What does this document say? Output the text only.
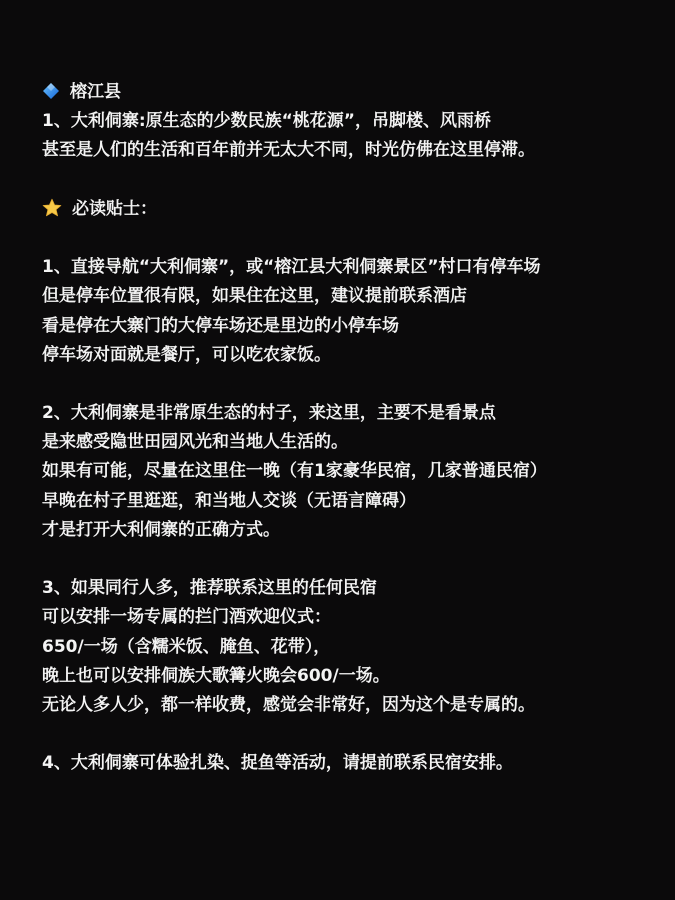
榕江县
1、大利侗寨:原生态的少数民族“桃花源”，吊脚楼、风雨桥
甚至是人们的生活和百年前并无太大不同，时光仿佛在这里停滞。
必读贴士：
1、直接导航“大利侗寨”，或“榕江县大利侗寨景区”村口有停车场
但是停车位置很有限，如果住在这里，建议提前联系酒店
看是停在大寨门的大停车场还是里边的小停车场
停车场对面就是餐厅，可以吃农家饭。
2、大利侗寨是非常原生态的村子，来这里，主要不是看景点
是来感受隐世田园风光和当地人生活的。
如果有可能，尽量在这里住一晚（有1家豪华民宿，几家普通民宿）
早晚在村子里逛逛，和当地人交谈（无语言障碍）
才是打开大利侗寨的正确方式。
3、如果同行人多，推荐联系这里的任何民宿
可以安排一场专属的拦门酒欢迎仪式：
650/一场（含糯米饭、腌鱼、花带），
晚上也可以安排侗族大歌篝火晚会600/一场。
无论人多人少，都一样收费，感觉会非常好，因为这个是专属的。
4、大利侗寨可体验扎染、捉鱼等活动，请提前联系民宿安排。
